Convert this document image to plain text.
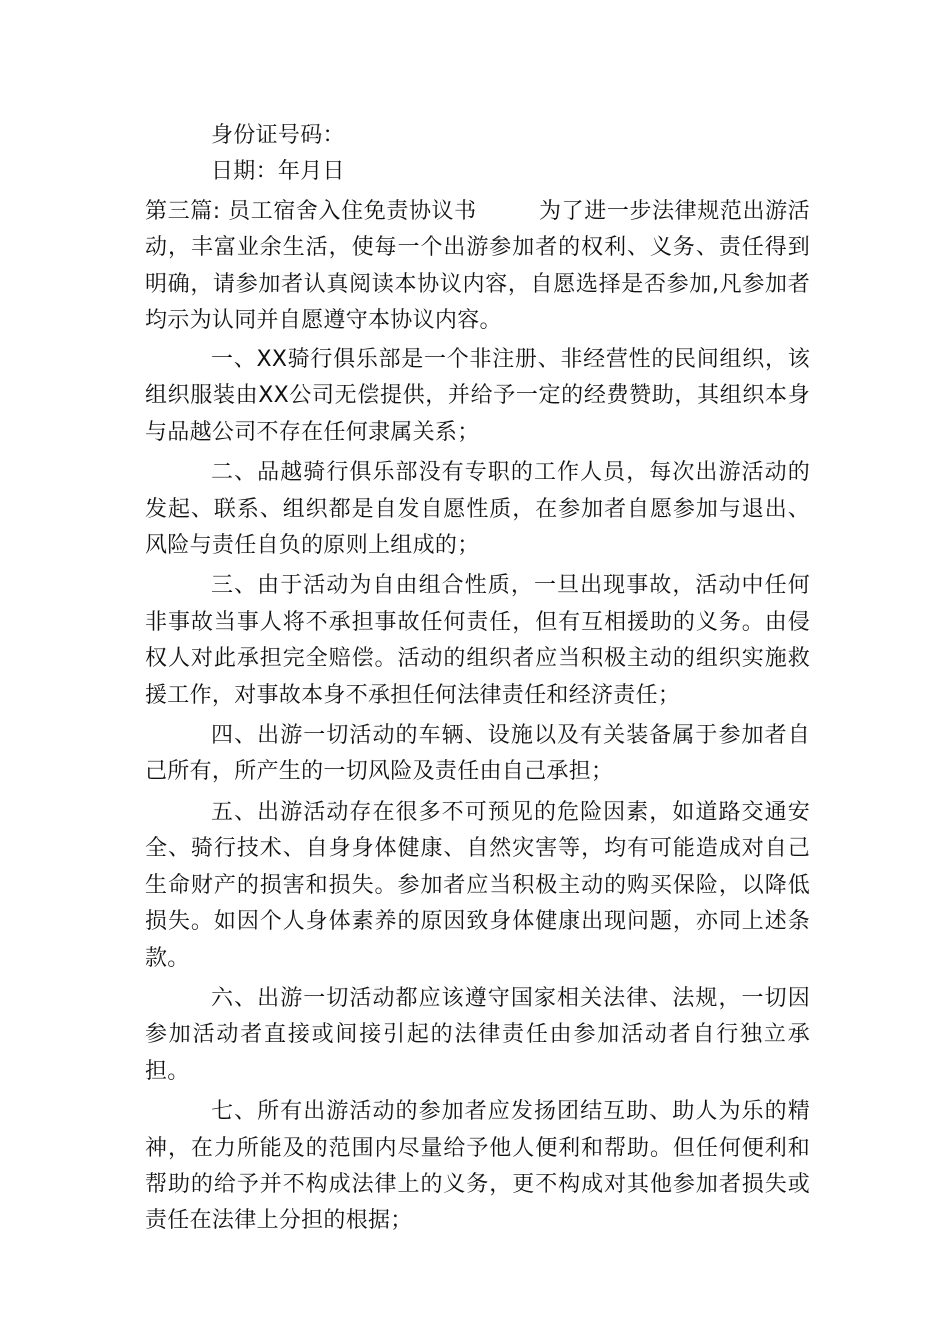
身份证号码：
日期：年月日

第三篇: 员工宿舍入住免责协议书	为了进一步法律规范出游活动，丰富业余生活，使每一个出游参加者的权利、义务、责任得到明确，请参加者认真阅读本协议内容，自愿选择是否参加,凡参加者均示为认同并自愿遵守本协议内容。

一、XX骑行俱乐部是一个非注册、非经营性的民间组织，该组织服装由XX公司无偿提供，并给予一定的经费赞助，其组织本身与品越公司不存在任何隶属关系；

二、品越骑行俱乐部没有专职的工作人员，每次出游活动的发起、联系、组织都是自发自愿性质，在参加者自愿参加与退出、风险与责任自负的原则上组成的；

三、由于活动为自由组合性质，一旦出现事故，活动中任何非事故当事人将不承担事故任何责任，但有互相援助的义务。由侵权人对此承担完全赔偿。活动的组织者应当积极主动的组织实施救援工作，对事故本身不承担任何法律责任和经济责任；

四、出游一切活动的车辆、设施以及有关装备属于参加者自己所有，所产生的一切风险及责任由自己承担；

五、出游活动存在很多不可预见的危险因素，如道路交通安全、骑行技术、自身身体健康、自然灾害等，均有可能造成对自己生命财产的损害和损失。参加者应当积极主动的购买保险，以降低损失。如因个人身体素养的原因致身体健康出现问题，亦同上述条款。

六、出游一切活动都应该遵守国家相关法律、法规，一切因参加活动者直接或间接引起的法律责任由参加活动者自行独立承担。

七、所有出游活动的参加者应发扬团结互助、助人为乐的精神，在力所能及的范围内尽量给予他人便利和帮助。但任何便利和帮助的给予并不构成法律上的义务，更不构成对其他参加者损失或责任在法律上分担的根据；
